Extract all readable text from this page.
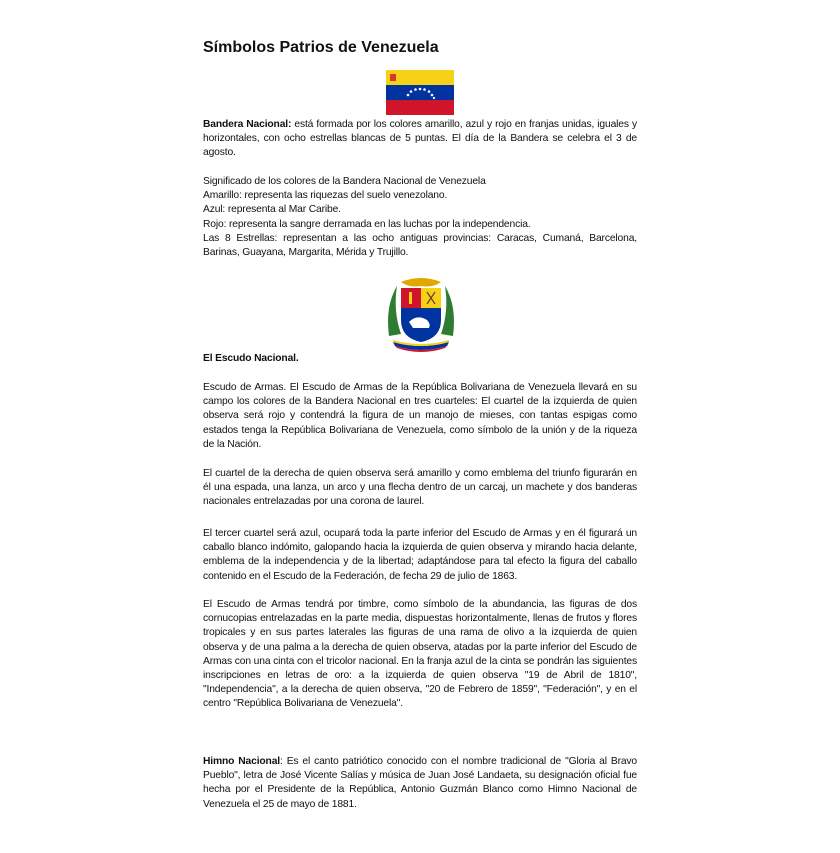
Símbolos Patrios de Venezuela

Bandera Nacional: está formada por los colores amarillo, azul y rojo en franjas unidas, iguales y horizontales, con ocho estrellas blancas de 5 puntas. El día de la Bandera se celebra el 3 de agosto.

Significado de los colores de la Bandera Nacional de Venezuela

Amarillo: representa las riquezas del suelo venezolano.

Azul: representa al Mar Caribe.

Rojo: representa la sangre derramada en las luchas por la independencia.

Las 8 Estrellas: representan a las ocho antiguas provincias: Caracas, Cumaná, Barcelona, Barinas, Guayana, Margarita, Mérida y Trujillo.

El Escudo Nacional.

Escudo de Armas. El Escudo de Armas de la República Bolivariana de Venezuela llevará en su campo los colores de la Bandera Nacional en tres cuarteles: El cuartel de la izquierda de quien observa será rojo y contendrá la figura de un manojo de mieses, con tantas espigas como estados tenga la República Bolivariana de Venezuela, como símbolo de la unión y de la riqueza de la Nación.

El cuartel de la derecha de quien observa será amarillo y como emblema del triunfo figurarán en él una espada, una lanza, un arco y una flecha dentro de un carcaj, un machete y dos banderas nacionales entrelazadas por una corona de laurel.

El tercer cuartel será azul, ocupará toda la parte inferior del Escudo de Armas y en él figurará un caballo blanco indómito, galopando hacia la izquierda de quien observa y mirando hacia delante, emblema de la independencia y de la libertad; adaptándose para tal efecto la figura del caballo contenido en el Escudo de la Federación, de fecha 29 de julio de 1863.

El Escudo de Armas tendrá por timbre, como símbolo de la abundancia, las figuras de dos cornucopias entrelazadas en la parte media, dispuestas horizontalmente, llenas de frutos y flores tropicales y en sus partes laterales las figuras de una rama de olivo a la izquierda de quien observa y de una palma a la derecha de quien observa, atadas por la parte inferior del Escudo de Armas con una cinta con el tricolor nacional. En la franja azul de la cinta se pondrán las siguientes inscripciones en letras de oro: a la izquierda de quien observa "19 de Abril de 1810", "Independencia", a la derecha de quien observa, "20 de Febrero de 1859", "Federación", y en el centro "República Bolivariana de Venezuela".

Himno Nacional: Es el canto patriótico conocido con el nombre tradicional de "Gloria al Bravo Pueblo", letra de José Vicente Salías y música de Juan José Landaeta, su designación oficial fue hecha por el Presidente de la República, Antonio Guzmán Blanco como Himno Nacional de Venezuela el 25 de mayo de 1881.
